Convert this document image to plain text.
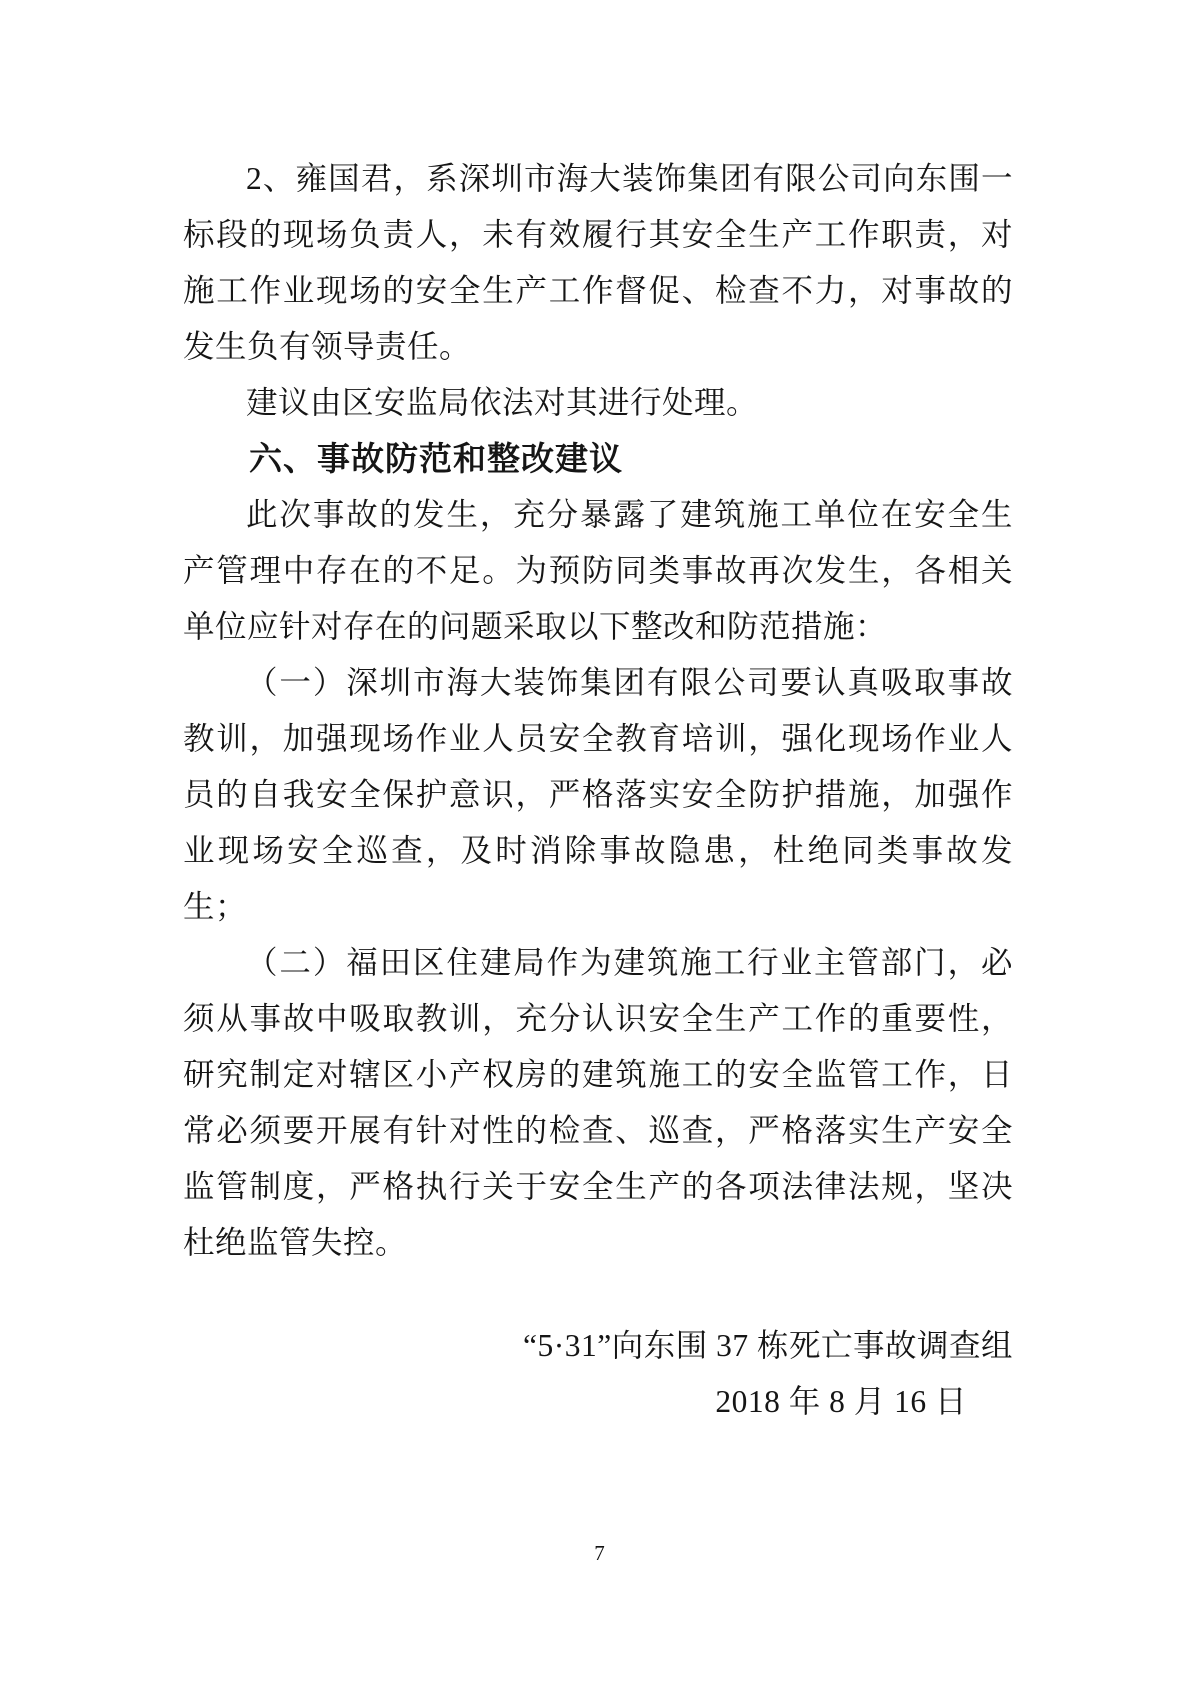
2、雍国君，系深圳市海大装饰集团有限公司向东围一标段的现场负责人，未有效履行其安全生产工作职责，对施工作业现场的安全生产工作督促、检查不力，对事故的发生负有领导责任。

建议由区安监局依法对其进行处理。

六、事故防范和整改建议

此次事故的发生，充分暴露了建筑施工单位在安全生产管理中存在的不足。为预防同类事故再次发生，各相关单位应针对存在的问题采取以下整改和防范措施：

（一）深圳市海大装饰集团有限公司要认真吸取事故教训，加强现场作业人员安全教育培训，强化现场作业人员的自我安全保护意识，严格落实安全防护措施，加强作业现场安全巡查，及时消除事故隐患，杜绝同类事故发生；

（二）福田区住建局作为建筑施工行业主管部门，必须从事故中吸取教训，充分认识安全生产工作的重要性，研究制定对辖区小产权房的建筑施工的安全监管工作，日常必须要开展有针对性的检查、巡查，严格落实生产安全监管制度，严格执行关于安全生产的各项法律法规，坚决杜绝监管失控。

“5·31”向东围 37 栋死亡事故调查组

2018 年 8 月 16 日

7
